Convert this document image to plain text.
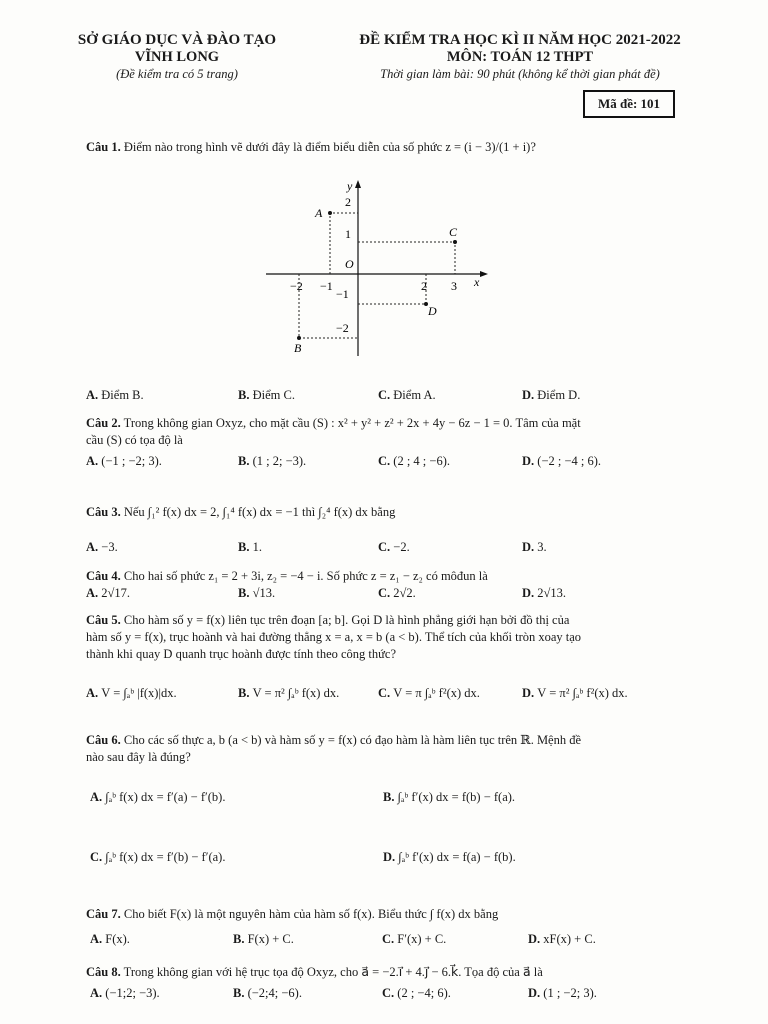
SỞ GIÁO DỤC VÀ ĐÀO TẠO
VĨNH LONG
(Đề kiểm tra có 5 trang)
ĐỀ KIỂM TRA HỌC KÌ II NĂM HỌC 2021-2022
MÔN: TOÁN 12 THPT
Thời gian làm bài: 90 phút (không kể thời gian phát đề)
Mã đề: 101
Câu 1. Điểm nào trong hình vẽ dưới đây là điểm biểu diễn của số phức z = (i − 3)/(1 + i)?
y
x
O
2
1
−1
−2
−2 −1	2 3
A
C
D
B
A. Điểm B.	B. Điểm C.	C. Điểm A.	D. Điểm D.
Câu 2. Trong không gian Oxyz, cho mặt cầu (S) : x² + y² + z² + 2x + 4y − 6z − 1 = 0. Tâm của mặt
cầu (S) có tọa độ là
A. (−1 ; −2; 3).	B. (1 ; 2; −3).	C. (2 ; 4 ; −6).	D. (−2 ; −4 ; 6).
Câu 3. Nếu ∫₁² f(x) dx = 2, ∫₁⁴ f(x) dx = −1 thì ∫₂⁴ f(x) dx bằng
A. −3.	B. 1.	C. −2.	D. 3.
Câu 4. Cho hai số phức z₁ = 2 + 3i, z₂ = −4 − i. Số phức z = z₁ − z₂ có môđun là
A. 2√17.	B. √13.	C. 2√2.	D. 2√13.
Câu 5. Cho hàm số y = f(x) liên tục trên đoạn [a; b]. Gọi D là hình phẳng giới hạn bởi đồ thị của
hàm số y = f(x), trục hoành và hai đường thẳng x = a, x = b (a < b). Thể tích của khối tròn xoay tạo
thành khi quay D quanh trục hoành được tính theo công thức?
A. V = ∫ₐᵇ |f(x)|dx.	B. V = π² ∫ₐᵇ f(x) dx.	C. V = π ∫ₐᵇ f²(x) dx.	D. V = π² ∫ₐᵇ f²(x) dx.
Câu 6. Cho các số thực a, b (a < b) và hàm số y = f(x) có đạo hàm là hàm liên tục trên ℝ. Mệnh đề
nào sau đây là đúng?
A. ∫ₐᵇ f(x) dx = f′(a) − f′(b).	B. ∫ₐᵇ f′(x) dx = f(b) − f(a).
C. ∫ₐᵇ f(x) dx = f′(b) − f′(a).	D. ∫ₐᵇ f′(x) dx = f(a) − f(b).
Câu 7. Cho biết F(x) là một nguyên hàm của hàm số f(x). Biểu thức ∫ f(x) dx bằng
A. F(x).	B. F(x) + C.	C. F′(x) + C.	D. xF(x) + C.
Câu 8. Trong không gian với hệ trục tọa độ Oxyz, cho a⃗ = −2.i⃗ + 4.j⃗ − 6.k⃗. Tọa độ của a⃗ là
A. (−1;2; −3).	B. (−2;4; −6).	C. (2 ; −4; 6).	D. (1 ; −2; 3).
